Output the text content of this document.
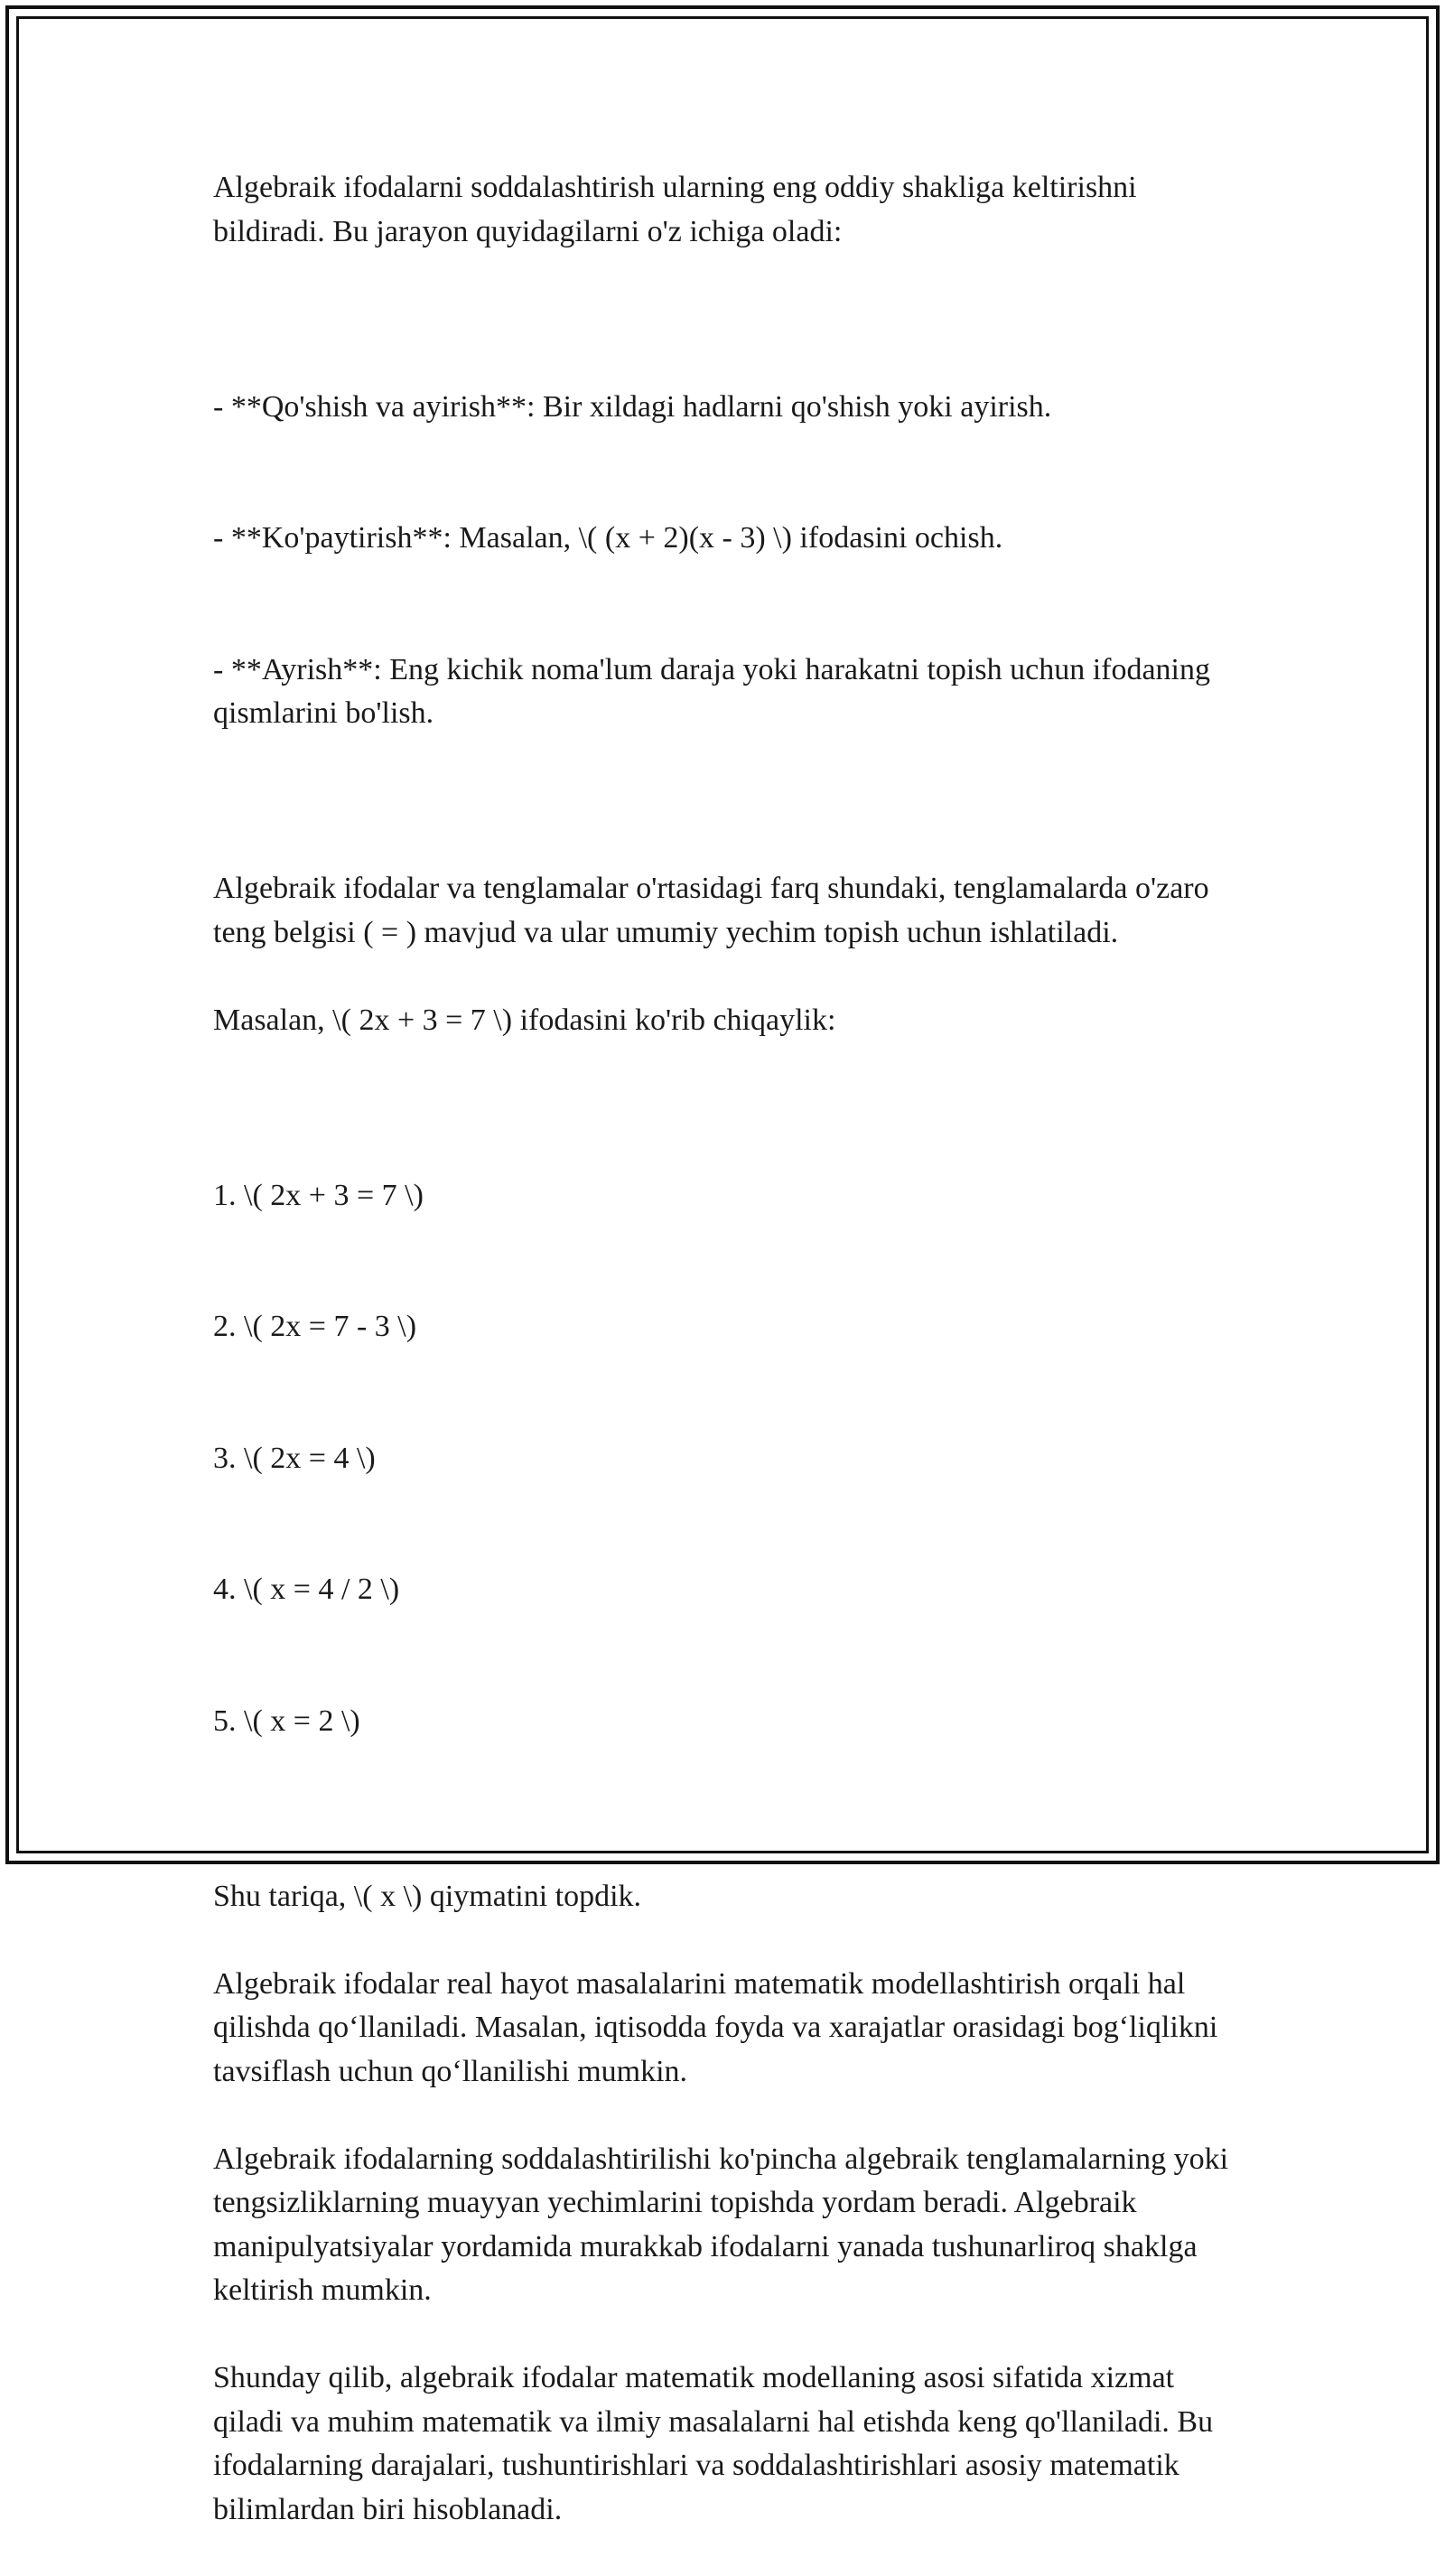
Algebraik ifodalarni soddalashtirish ularning eng oddiy shakliga keltirishni bildiradi. Bu jarayon quyidagilarni o'z ichiga oladi:

- **Qo'shish va ayirish**: Bir xildagi hadlarni qo'shish yoki ayirish.

- **Ko'paytirish**: Masalan, \( (x + 2)(x - 3) \) ifodasini ochish.

- **Ayrish**: Eng kichik noma'lum daraja yoki harakatni topish uchun ifodaning qismlarini bo'lish.

Algebraik ifodalar va tenglamalar o'rtasidagi farq shundaki, tenglamalarda o'zaro teng belgisi ( = ) mavjud va ular umumiy yechim topish uchun ishlatiladi.

Masalan, \( 2x + 3 = 7 \) ifodasini ko'rib chiqaylik:

1. \( 2x + 3 = 7 \)

2. \( 2x = 7 - 3 \)

3. \( 2x = 4 \)

4. \( x = 4 / 2 \)

5. \( x = 2 \)

Shu tariqa, \( x \) qiymatini topdik.

Algebraik ifodalar real hayot masalalarini matematik modellashtirish orqali hal qilishda qo‘llaniladi. Masalan, iqtisodda foyda va xarajatlar orasidagi bog‘liqlikni tavsiflash uchun qo‘llanilishi mumkin.

Algebraik ifodalarning soddalashtirilishi ko'pincha algebraik tenglamalarning yoki tengsizliklarning muayyan yechimlarini topishda yordam beradi. Algebraik manipulyatsiyalar yordamida murakkab ifodalarni yanada tushunarliroq shaklga keltirish mumkin.

Shunday qilib, algebraik ifodalar matematik modellaning asosi sifatida xizmat qiladi va muhim matematik va ilmiy masalalarni hal etishda keng qo'llaniladi. Bu ifodalarning darajalari, tushuntirishlari va soddalashtirishlari asosiy matematik bilimlardan biri hisoblanadi.
